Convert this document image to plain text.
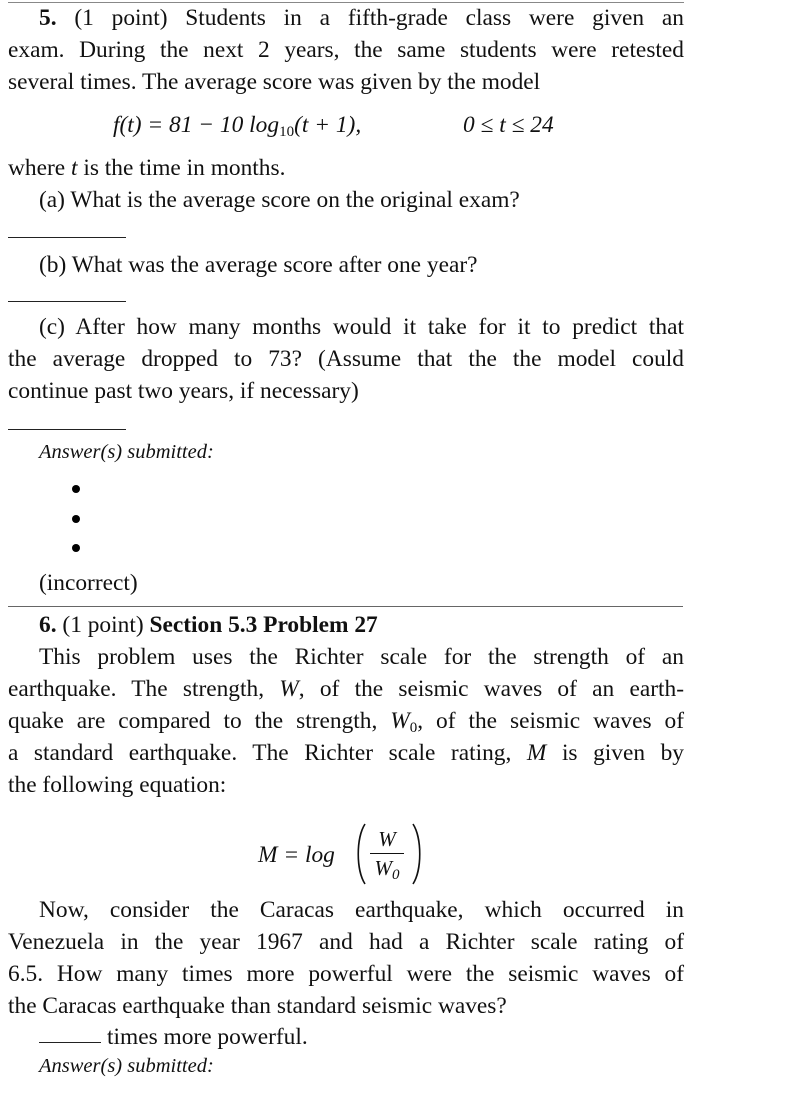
5. (1 point) Students in a fifth-grade class were given an
exam. During the next 2 years, the same students were retested
several times. The average score was given by the model
f(t) = 81 − 10 $\log_{10}(t + 1)$,	0 ≤ t ≤ 24
where t is the time in months.
(a) What is the average score on the original exam?
(b) What was the average score after one year?
(c) After how many months would it take for it to predict that
the average dropped to 73? (Assume that the the model could
continue past two years, if necessary)
Answer(s) submitted:
(incorrect)
6. (1 point) Section 5.3 Problem 27
This problem uses the Richter scale for the strength of an
earthquake. The strength, W, of the seismic waves of an earth-
quake are compared to the strength, $W_0$, of the seismic waves of
a standard earthquake. The Richter scale rating, M is given by
the following equation:
M = log
W
$W_0$
Now, consider the Caracas earthquake, which occurred in
Venezuela in the year 1967 and had a Richter scale rating of
6.5. How many times more powerful were the seismic waves of
the Caracas earthquake than standard seismic waves?
times more powerful.
Answer(s) submitted:
